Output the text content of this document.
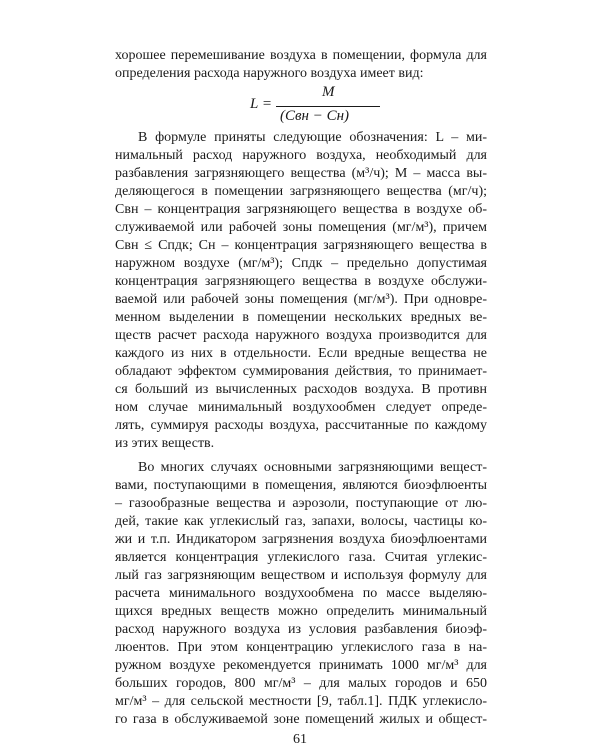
хорошее перемешивание воздуха в помещении, формула для
определения расхода наружного воздуха имеет вид:
L =
M
(Cвн − Cн)
В формуле приняты следующие обозначения: L – ми-
нимальный расход наружного воздуха, необходимый для
разбавления загрязняющего вещества (м³/ч); M – масса вы-
деляющегося в помещении загрязняющего вещества (мг/ч);
Cвн – концентрация загрязняющего вещества в воздухе об-
служиваемой или рабочей зоны помещения (мг/м³), причем
Cвн ≤ Cпдк; Cн – концентрация загрязняющего вещества в
наружном воздухе (мг/м³); Cпдк – предельно допустимая
концентрация загрязняющего вещества в воздухе обслужи-
ваемой или рабочей зоны помещения (мг/м³). При одновре-
менном выделении в помещении нескольких вредных ве-
ществ расчет расхода наружного воздуха производится для
каждого из них в отдельности. Если вредные вещества не
обладают эффектом суммирования действия, то принимает-
ся больший из вычисленных расходов воздуха. В противн
ном случае минимальный воздухообмен следует опреде-
лять, суммируя расходы воздуха, рассчитанные по каждому
из этих веществ.
Во многих случаях основными загрязняющими вещест-
вами, поступающими в помещения, являются биоэфлюенты
– газообразные вещества и аэрозоли, поступающие от лю-
дей, такие как углекислый газ, запахи, волосы, частицы ко-
жи и т.п. Индикатором загрязнения воздуха биоэфлюентами
является концентрация углекислого газа. Считая углекис-
лый газ загрязняющим веществом и используя формулу для
расчета минимального воздухообмена по массе выделяю-
щихся вредных веществ можно определить минимальный
расход наружного воздуха из условия разбавления биоэф-
люентов. При этом концентрацию углекислого газа в на-
ружном воздухе рекомендуется принимать 1000 мг/м³ для
больших городов, 800 мг/м³ – для малых городов и 650
мг/м³ – для сельской местности [9, табл.1]. ПДК углекисло-
го газа в обслуживаемой зоне помещений жилых и общест-
61
